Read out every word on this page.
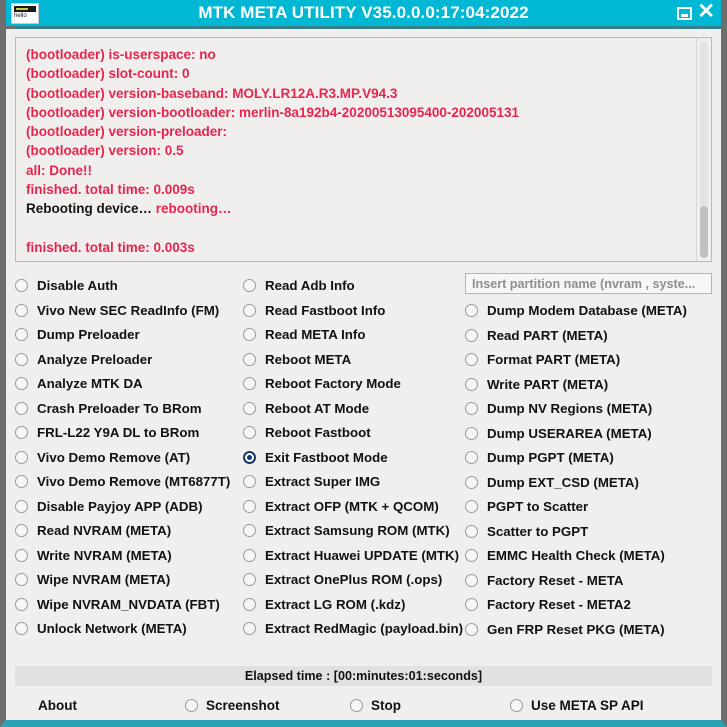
hello	MTK META UTILITY V35.0.0.0:17:04:2022	✕
(bootloader) is-userspace: no
(bootloader) slot-count: 0
(bootloader) version-baseband: MOLY.LR12A.R3.MP.V94.3
(bootloader) version-bootloader: merlin-8a192b4-20200513095400-202005131
(bootloader) version-preloader:
(bootloader) version: 0.5
all: Done!!
finished. total time: 0.009s
Rebooting device… rebooting…
finished. total time: 0.003s
Disable Auth
Vivo New SEC ReadInfo (FM)
Dump Preloader
Analyze Preloader
Analyze MTK DA
Crash Preloader To BRom
FRL-L22 Y9A DL to BRom
Vivo Demo Remove (AT)
Vivo Demo Remove (MT6877T)
Disable Payjoy APP (ADB)
Read NVRAM (META)
Write NVRAM (META)
Wipe NVRAM (META)
Wipe NVRAM_NVDATA (FBT)
Unlock Network (META)
Read Adb Info
Read Fastboot Info
Read META Info
Reboot META
Reboot Factory Mode
Reboot AT Mode
Reboot Fastboot
Exit Fastboot Mode
Extract Super IMG
Extract OFP (MTK + QCOM)
Extract Samsung ROM (MTK)
Extract Huawei UPDATE (MTK)
Extract OnePlus ROM (.ops)
Extract LG ROM (.kdz)
Extract RedMagic (payload.bin)
Insert partition name (nvram , syste...
Dump Modem Database (META)
Read PART (META)
Format PART (META)
Write PART (META)
Dump NV Regions (META)
Dump USERAREA (META)
Dump PGPT (META)
Dump EXT_CSD (META)
PGPT to Scatter
Scatter to PGPT
EMMC Health Check (META)
Factory Reset - META
Factory Reset - META2
Gen FRP Reset PKG (META)
Elapsed time : [00:minutes:01:seconds]
About	Screenshot	Stop	Use META SP API
